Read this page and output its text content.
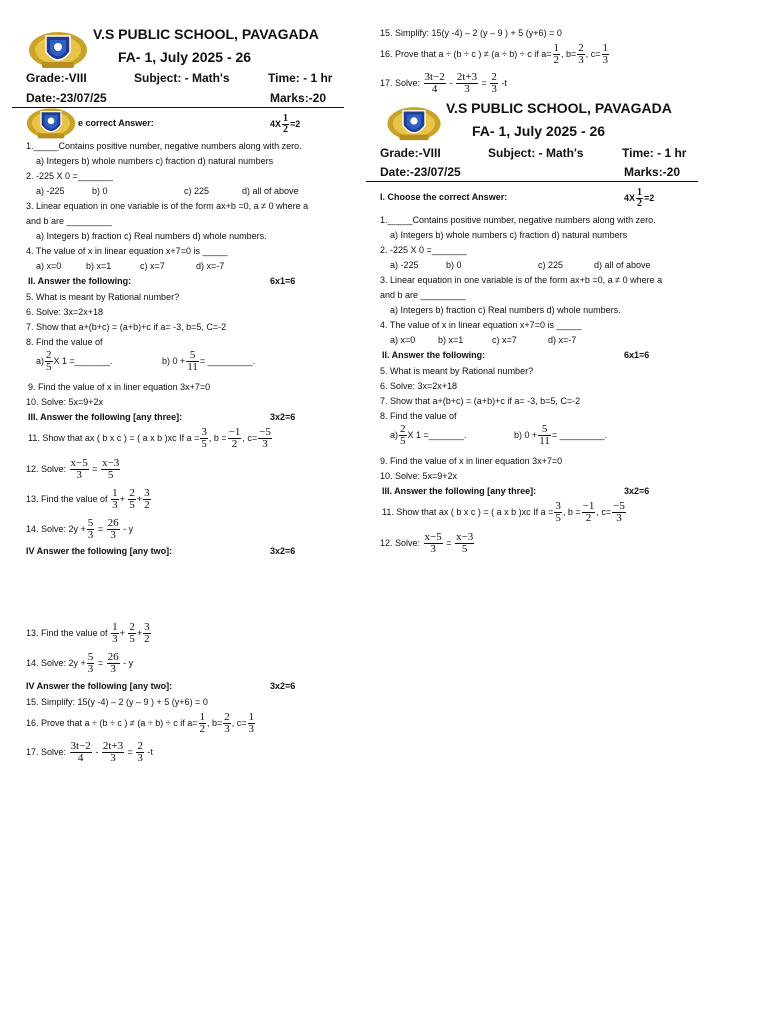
V.S PUBLIC SCHOOL, PAVAGADA
FA- 1, July 2025 - 26
Grade:-VIII	Subject: - Math's	Time: - 1 hr
Date:-23/07/25	Marks:-20
e correct Answer:	$4X \frac{1}{2} =2$
1._____Contains positive number, negative numbers along with zero.
a) Integers b) whole numbers c) fraction d) natural numbers
2. -225 X 0 =_______
a) -225	b) 0	c) 225	d) all of above
3. Linear equation in one variable is of the form ax+b =0, a ≠ 0 where a
and b are _________
a) Integers b) fraction c) Real numbers d) whole numbers.
4. The value of x in linear equation x+7=0 is _____
a) x=0	b) x=1	c) x=7	d) x=-7
II. Answer the following:	6x1=6
5. What is meant by Rational number?
6. Solve: 3x=2x+18
7. Show that a+(b+c) = (a+b)+c if a= -3, b=5, C=-2
8. Find the value of
$a) \frac{2}{5}$ X 1 =_______.	b) $0 + \frac{5}{11}$ = _________.
9. Find the value of x in liner equation 3x+7=0
10. Solve: 5x=9+2x
III. Answer the following [any three]:	3x2=6
11. Show that ax ( b x c ) = ( a x b )xc If $a = \frac{3}{5}$ , $b = \frac{-1}{2}$ , $c= \frac{-5}{3}$
12. Solve: $\frac{x-5}{3} = \frac{x-3}{5}$
13. Find the value of $\frac{1}{3} + \frac{2}{5} + \frac{3}{2}$
14. Solve: $2y + \frac{5}{3} = \frac{26}{3} - y$
IV Answer the following [any two]:	3x2=6
13. Find the value of $\frac{1}{3} + \frac{2}{5} + \frac{3}{2}$
14. Solve: $2y + \frac{5}{3} = \frac{26}{3} - y$
IV Answer the following [any two]:	3x2=6
15. Simplify: 15(y -4) – 2 (y – 9 ) + 5 (y+6) = 0
16. Prove that a ÷ (b ÷ c ) ≠ (a ÷ b) ÷ c if $a= \frac{1}{2}$ , $b= \frac{2}{3}$ , $c= \frac{1}{3}$
17. Solve: $\frac{3t-2}{4} - \frac{2t+3}{3} = \frac{2}{3} -t$
15. Simplify: 15(y -4) – 2 (y – 9 ) + 5 (y+6) = 0
16. Prove that a ÷ (b ÷ c ) ≠ (a ÷ b) ÷ c if $a= \frac{1}{2}$ , $b= \frac{2}{3}$ , $c= \frac{1}{3}$
17. Solve: $\frac{3t-2}{4} - \frac{2t+3}{3} = \frac{2}{3} -t$
V.S PUBLIC SCHOOL, PAVAGADA
FA- 1, July 2025 - 26
Grade:-VIII	Subject: - Math's	Time: - 1 hr
Date:-23/07/25	Marks:-20
I. Choose the correct Answer:	$4X \frac{1}{2} =2$
1._____Contains positive number, negative numbers along with zero.
a) Integers b) whole numbers c) fraction d) natural numbers
2. -225 X 0 =_______
a) -225	b) 0	c) 225	d) all of above
3. Linear equation in one variable is of the form ax+b =0, a ≠ 0 where a
and b are _________
a) Integers b) fraction c) Real numbers d) whole numbers.
4. The value of x in linear equation x+7=0 is _____
a) x=0	b) x=1	c) x=7	d) x=-7
II. Answer the following:	6x1=6
5. What is meant by Rational number?
6. Solve: 3x=2x+18
7. Show that a+(b+c) = (a+b)+c if a= -3, b=5, C=-2
8. Find the value of
$a) \frac{2}{5}$ X 1 =_______.	b) $0 + \frac{5}{11}$ = _________.
9. Find the value of x in liner equation 3x+7=0
10. Solve: 5x=9+2x
III. Answer the following [any three]:	3x2=6
11. Show that ax ( b x c ) = ( a x b )xc If $a = \frac{3}{5}$ , $b = \frac{-1}{2}$ , $c= \frac{-5}{3}$
12. Solve: $\frac{x-5}{3} = \frac{x-3}{5}$
